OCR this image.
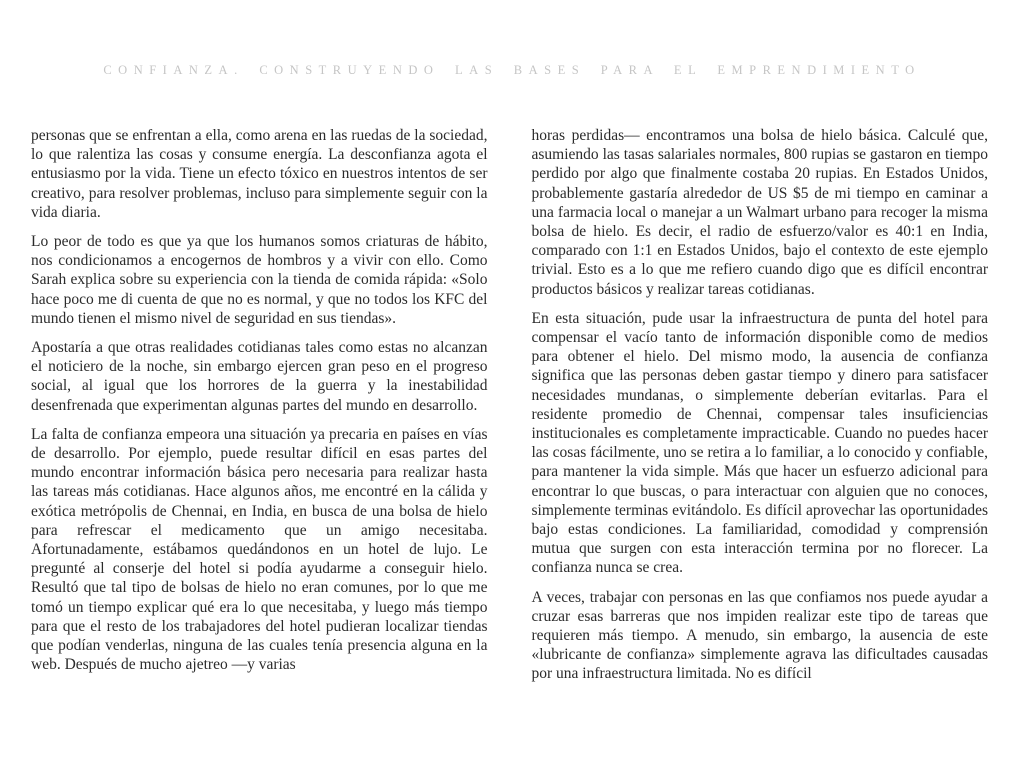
CONFIANZA. CONSTRUYENDO LAS BASES PARA EL EMPRENDIMIENTO

personas que se enfrentan a ella, como arena en las ruedas de la sociedad, lo que ralentiza las cosas y consume energía. La desconfianza agota el entusiasmo por la vida. Tiene un efecto tóxico en nuestros intentos de ser creativo, para resolver problemas, incluso para simplemente seguir con la vida diaria.

Lo peor de todo es que ya que los humanos somos criaturas de hábito, nos condicionamos a encogernos de hombros y a vivir con ello. Como Sarah explica sobre su experiencia con la tienda de comida rápida: «Solo hace poco me di cuenta de que no es normal, y que no todos los KFC del mundo tienen el mismo nivel de seguridad en sus tiendas».

Apostaría a que otras realidades cotidianas tales como estas no alcanzan el noticiero de la noche, sin embargo ejercen gran peso en el progreso social, al igual que los horrores de la guerra y la inestabilidad desenfrenada que experimentan algunas partes del mundo en desarrollo.

La falta de confianza empeora una situación ya precaria en países en vías de desarrollo. Por ejemplo, puede resultar difícil en esas partes del mundo encontrar información básica pero necesaria para realizar hasta las tareas más cotidianas. Hace algunos años, me encontré en la cálida y exótica metrópolis de Chennai, en India, en busca de una bolsa de hielo para refrescar el medicamento que un amigo necesitaba. Afortunadamente, estábamos quedándonos en un hotel de lujo. Le pregunté al conserje del hotel si podía ayudarme a conseguir hielo. Resultó que tal tipo de bolsas de hielo no eran comunes, por lo que me tomó un tiempo explicar qué era lo que necesitaba, y luego más tiempo para que el resto de los trabajadores del hotel pudieran localizar tiendas que podían venderlas, ninguna de las cuales tenía presencia alguna en la web. Después de mucho ajetreo —y varias

horas perdidas— encontramos una bolsa de hielo básica. Calculé que, asumiendo las tasas salariales normales, 800 rupias se gastaron en tiempo perdido por algo que finalmente costaba 20 rupias. En Estados Unidos, probablemente gastaría alrededor de US $5 de mi tiempo en caminar a una farmacia local o manejar a un Walmart urbano para recoger la misma bolsa de hielo. Es decir, el radio de esfuerzo/valor es 40:1 en India, comparado con 1:1 en Estados Unidos, bajo el contexto de este ejemplo trivial. Esto es a lo que me refiero cuando digo que es difícil encontrar productos básicos y realizar tareas cotidianas.

En esta situación, pude usar la infraestructura de punta del hotel para compensar el vacío tanto de información disponible como de medios para obtener el hielo. Del mismo modo, la ausencia de confianza significa que las personas deben gastar tiempo y dinero para satisfacer necesidades mundanas, o simplemente deberían evitarlas. Para el residente promedio de Chennai, compensar tales insuficiencias institucionales es completamente impracticable. Cuando no puedes hacer las cosas fácilmente, uno se retira a lo familiar, a lo conocido y confiable, para mantener la vida simple. Más que hacer un esfuerzo adicional para encontrar lo que buscas, o para interactuar con alguien que no conoces, simplemente terminas evitándolo. Es difícil aprovechar las oportunidades bajo estas condiciones. La familiaridad, comodidad y comprensión mutua que surgen con esta interacción termina por no florecer. La confianza nunca se crea.

A veces, trabajar con personas en las que confiamos nos puede ayudar a cruzar esas barreras que nos impiden realizar este tipo de tareas que requieren más tiempo. A menudo, sin embargo, la ausencia de este «lubricante de confianza» simplemente agrava las dificultades causadas por una infraestructura limitada. No es difícil
